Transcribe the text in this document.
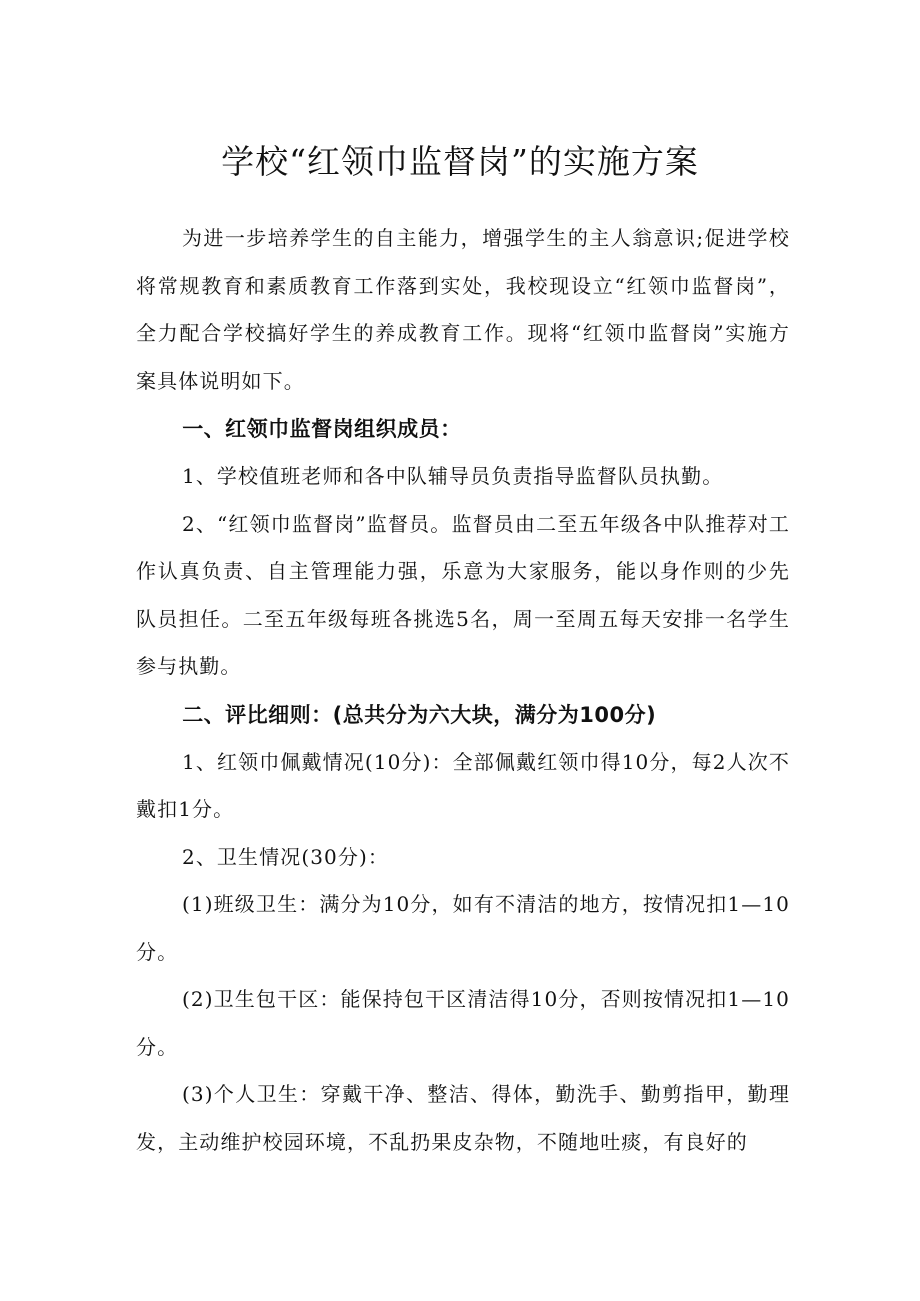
学校“红领巾监督岗”的实施方案

为进一步培养学生的自主能力，增强学生的主人翁意识;促进学校将常规教育和素质教育工作落到实处，我校现设立“红领巾监督岗”，全力配合学校搞好学生的养成教育工作。现将“红领巾监督岗”实施方案具体说明如下。

一、红领巾监督岗组织成员：

1、学校值班老师和各中队辅导员负责指导监督队员执勤。

2、“红领巾监督岗”监督员。监督员由二至五年级各中队推荐对工作认真负责、自主管理能力强，乐意为大家服务，能以身作则的少先队员担任。二至五年级每班各挑选5名，周一至周五每天安排一名学生参与执勤。

二、评比细则：(总共分为六大块，满分为100分)

1、红领巾佩戴情况(10分)：全部佩戴红领巾得10分，每2人次不戴扣1分。

2、卫生情况(30分)：

(1)班级卫生：满分为10分，如有不清洁的地方，按情况扣1—10分。

(2)卫生包干区：能保持包干区清洁得10分，否则按情况扣1—10分。

(3)个人卫生：穿戴干净、整洁、得体，勤洗手、勤剪指甲，勤理发，主动维护校园环境，不乱扔果皮杂物，不随地吐痰，有良好的
